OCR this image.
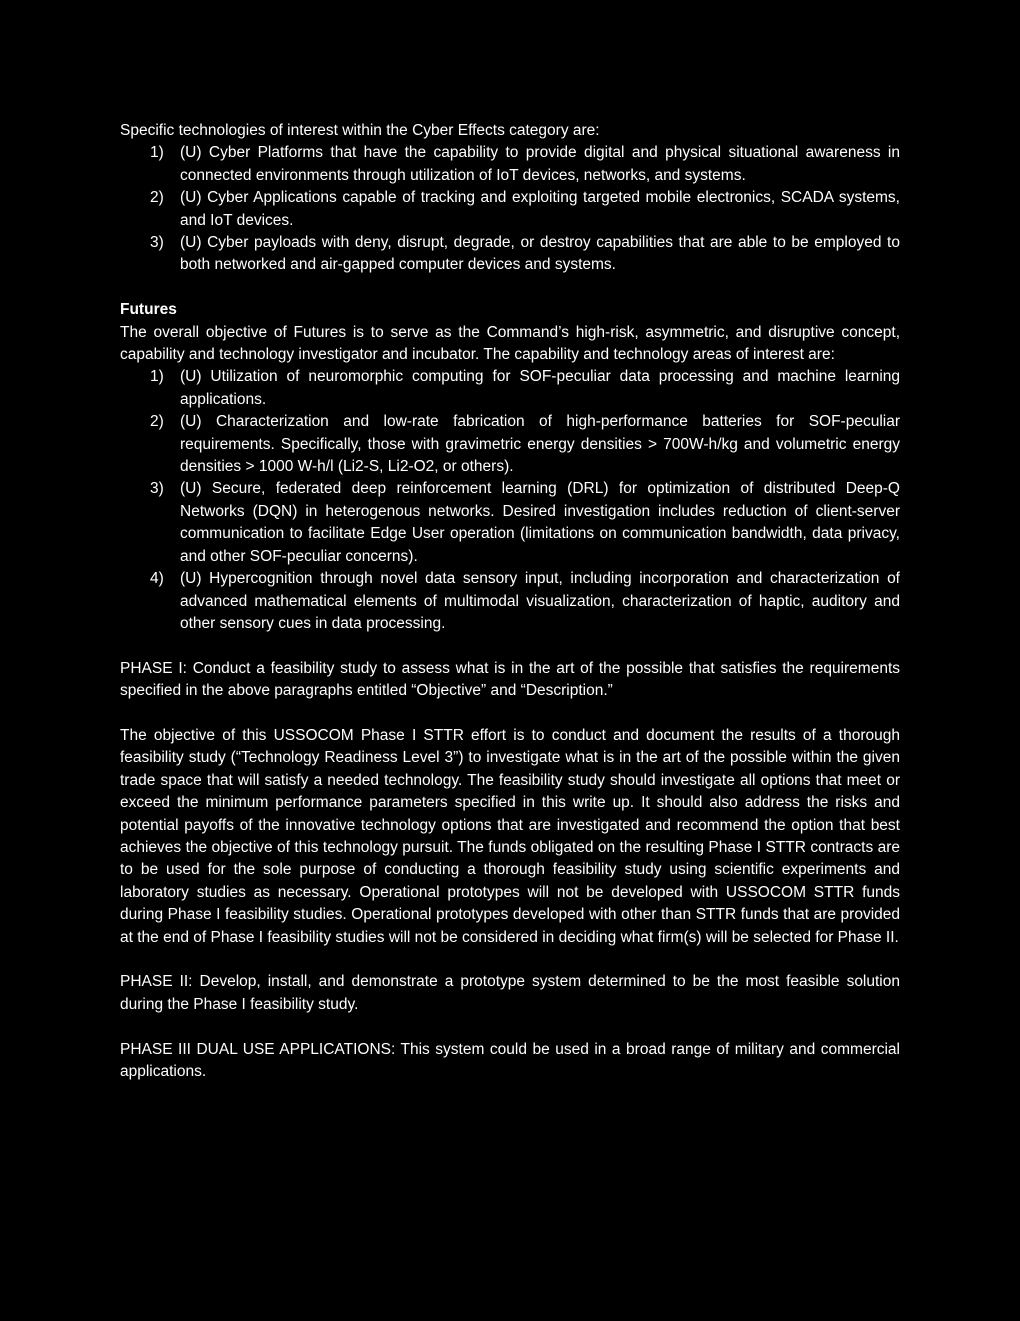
Specific technologies of interest within the Cyber Effects category are:

1) (U) Cyber Platforms that have the capability to provide digital and physical situational awareness in connected environments through utilization of IoT devices, networks, and systems.
2) (U) Cyber Applications capable of tracking and exploiting targeted mobile electronics, SCADA systems, and IoT devices.
3) (U) Cyber payloads with deny, disrupt, degrade, or destroy capabilities that are able to be employed to both networked and air-gapped computer devices and systems.

Futures

The overall objective of Futures is to serve as the Command’s high-risk, asymmetric, and disruptive concept, capability and technology investigator and incubator. The capability and technology areas of interest are:

1) (U) Utilization of neuromorphic computing for SOF-peculiar data processing and machine learning applications.
2) (U) Characterization and low-rate fabrication of high-performance batteries for SOF-peculiar requirements. Specifically, those with gravimetric energy densities > 700W-h/kg and volumetric energy densities > 1000 W-h/l (Li2-S, Li2-O2, or others).
3) (U) Secure, federated deep reinforcement learning (DRL) for optimization of distributed Deep-Q Networks (DQN) in heterogenous networks. Desired investigation includes reduction of client-server communication to facilitate Edge User operation (limitations on communication bandwidth, data privacy, and other SOF-peculiar concerns).
4) (U) Hypercognition through novel data sensory input, including incorporation and characterization of advanced mathematical elements of multimodal visualization, characterization of haptic, auditory and other sensory cues in data processing.

PHASE I: Conduct a feasibility study to assess what is in the art of the possible that satisfies the requirements specified in the above paragraphs entitled “Objective” and “Description.”

The objective of this USSOCOM Phase I STTR effort is to conduct and document the results of a thorough feasibility study (“Technology Readiness Level 3”) to investigate what is in the art of the possible within the given trade space that will satisfy a needed technology. The feasibility study should investigate all options that meet or exceed the minimum performance parameters specified in this write up. It should also address the risks and potential payoffs of the innovative technology options that are investigated and recommend the option that best achieves the objective of this technology pursuit. The funds obligated on the resulting Phase I STTR contracts are to be used for the sole purpose of conducting a thorough feasibility study using scientific experiments and laboratory studies as necessary. Operational prototypes will not be developed with USSOCOM STTR funds during Phase I feasibility studies. Operational prototypes developed with other than STTR funds that are provided at the end of Phase I feasibility studies will not be considered in deciding what firm(s) will be selected for Phase II.

PHASE II: Develop, install, and demonstrate a prototype system determined to be the most feasible solution during the Phase I feasibility study.

PHASE III DUAL USE APPLICATIONS: This system could be used in a broad range of military and commercial applications.
